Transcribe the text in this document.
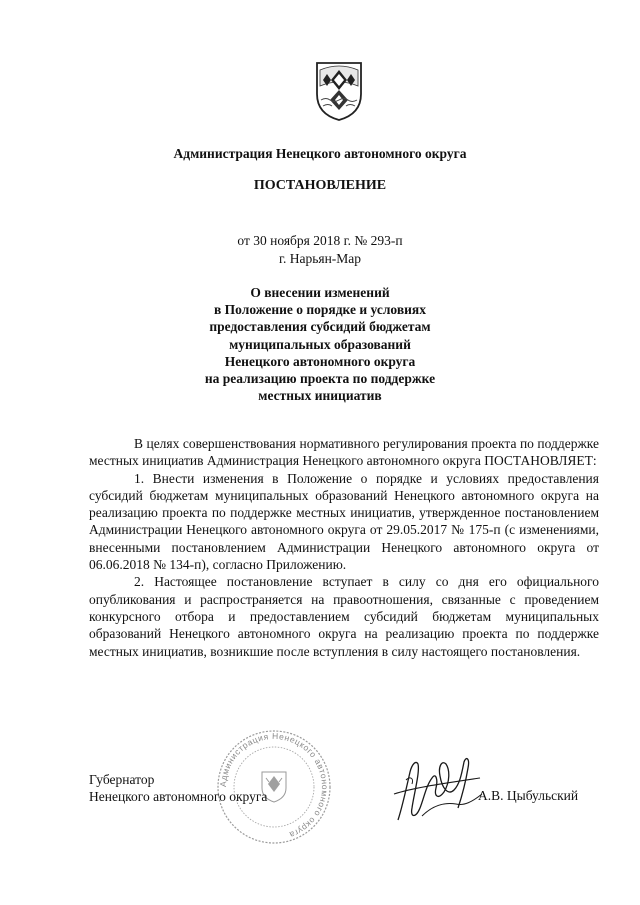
Администрация Ненецкого автономного округа
ПОСТАНОВЛЕНИЕ
от 30 ноября 2018 г. № 293-п
г. Нарьян-Мар
О внесении изменений
в Положение о порядке и условиях
предоставления субсидий бюджетам
муниципальных образований
Ненецкого автономного округа
на реализацию проекта по поддержке
местных инициатив

В целях совершенствования нормативного регулирования проекта по поддержке местных инициатив Администрация Ненецкого автономного округа ПОСТАНОВЛЯЕТ:

1. Внести изменения в Положение о порядке и условиях предоставления субсидий бюджетам муниципальных образований Ненецкого автономного округа на реализацию проекта по поддержке местных инициатив, утвержденное постановлением Администрации Ненецкого автономного округа от 29.05.2017 № 175-п (с изменениями, внесенными постановлением Администрации Ненецкого автономного округа от 06.06.2018 № 134-п), согласно Приложению.

2. Настоящее постановление вступает в силу со дня его официального опубликования и распространяется на правоотношения, связанные с проведением конкурсного отбора и предоставлением субсидий бюджетам муниципальных образований Ненецкого автономного округа на реализацию проекта по поддержке местных инициатив, возникшие после вступления в силу настоящего постановления.

Администрация Ненецкого автономного округа
Губернатор
Ненецкого автономного округа	А.В. Цыбульский
